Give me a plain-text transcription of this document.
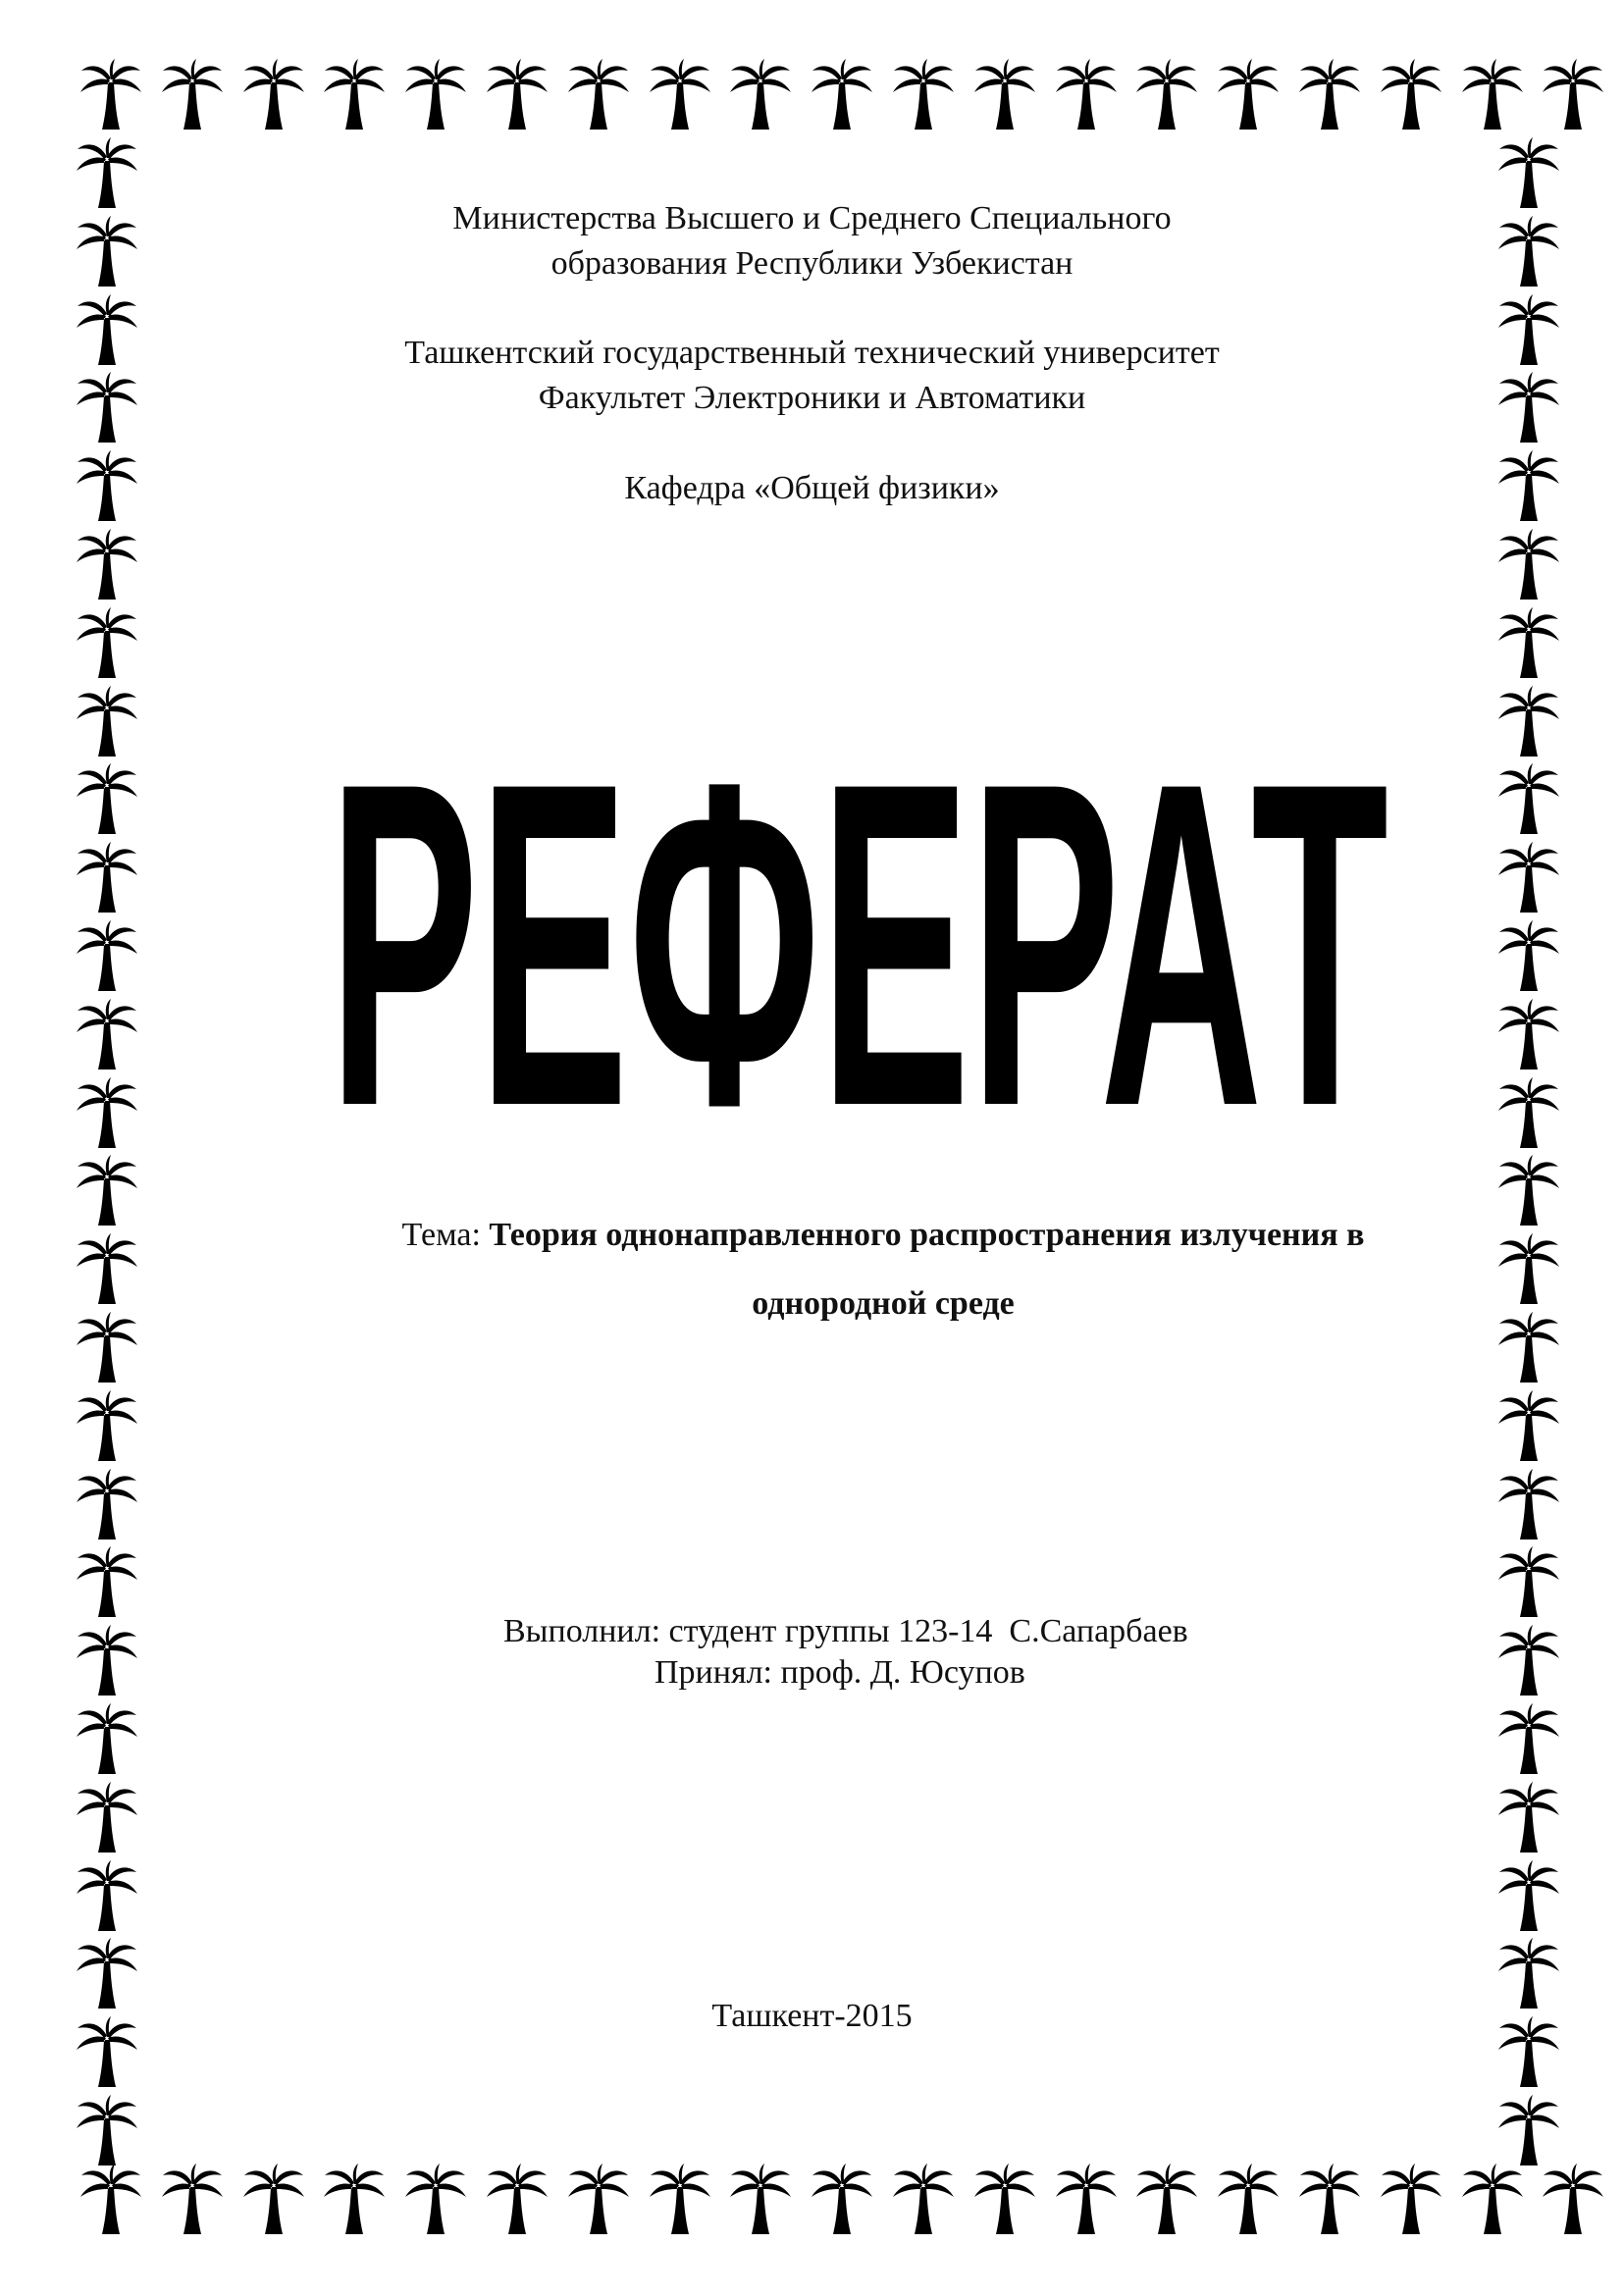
Министерства Высшего и Среднего Специального
образования Республики Узбекистан
Ташкентский государственный технический университет
Факультет Электроники и Автоматики
Кафедра «Общей физики»
РЕФЕРАТ
Тема: Теория однонаправленного распространения излучения в
однородной среде
Выполнил: студент группы 123-14  С.Сапарбаев
Принял: проф. Д. Юсупов
Ташкент-2015
